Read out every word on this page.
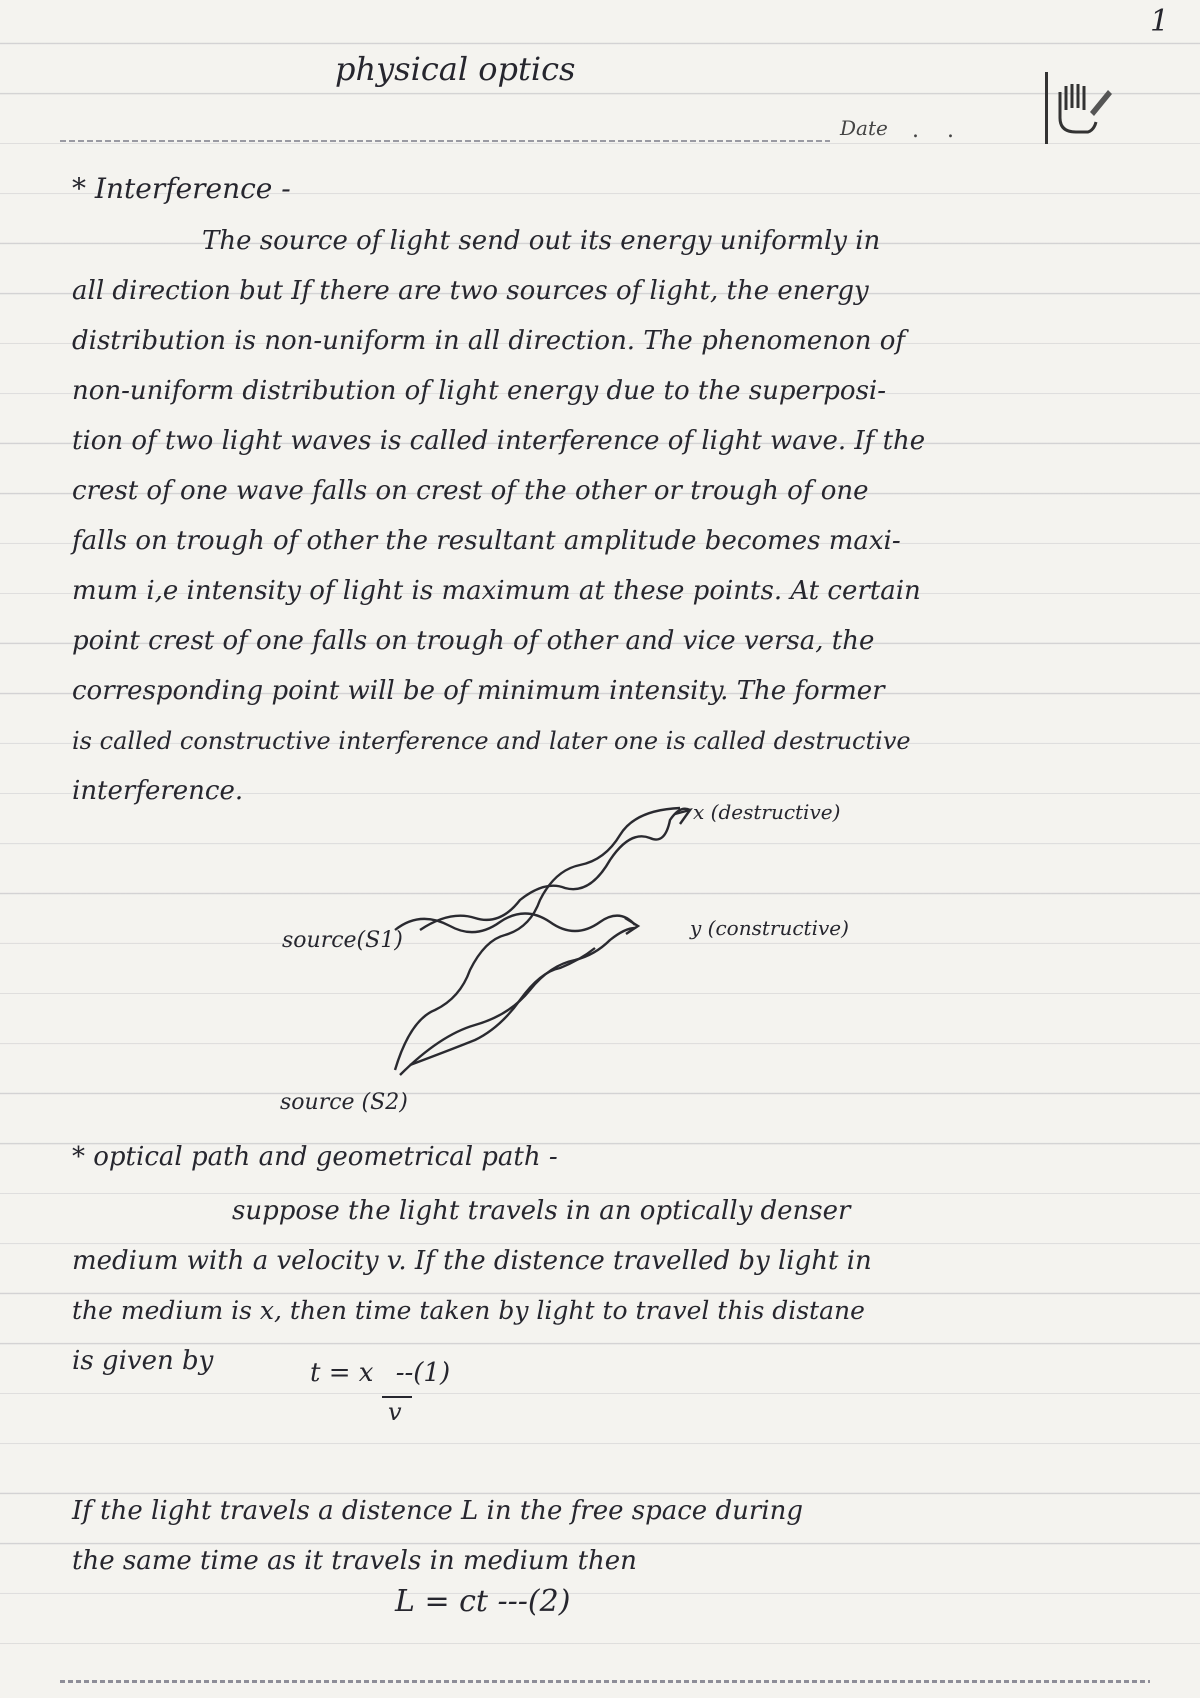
1
physical optics
Date .    .
* Interference -
The source of light send out its energy uniformly in
all direction but If there are two sources of light, the energy
distribution is non-uniform in all direction. The phenomenon of
non-uniform distribution of light energy due to the superposi-
tion of two light waves is called interference of light wave. If the
crest of one wave falls on crest of the other or trough of one
falls on trough of other the resultant amplitude becomes maxi-
mum i,e intensity of light is maximum at these points. At certain
point crest of one falls on trough of other and vice versa, the
corresponding point will be of minimum intensity. The former
is called constructive interference and later one is called destructive
interference.
x (destructive)
y (constructive)
source(S1)
source (S2)
* optical path and geometrical path -
suppose the light travels in an optically denser
medium with a velocity v. If the distence travelled by light in
the medium is x, then time taken by light to travel this distane
is given by	t = x --(1)
v
If the light travels a distence L in the free space during
the same time as it travels in medium then
L = ct ---(2)
